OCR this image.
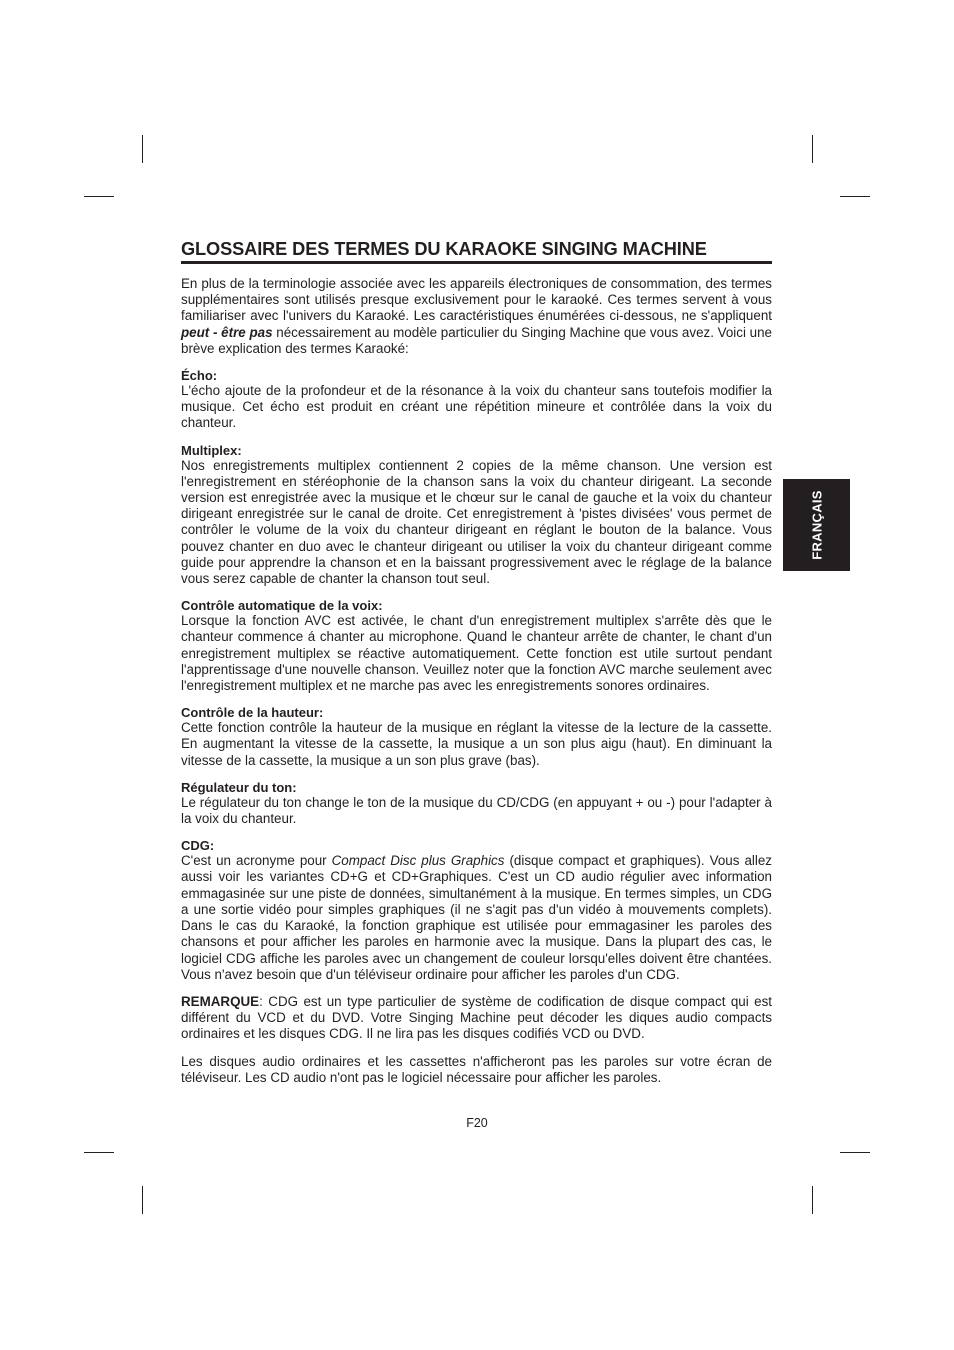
GLOSSAIRE DES TERMES DU KARAOKE SINGING MACHINE

En plus de la terminologie associée avec les appareils électroniques de consommation, des termes supplémentaires sont utilisés presque exclusivement pour le karaoké. Ces termes servent à vous familiariser avec l'univers du Karaoké. Les caractéristiques énumérées ci-dessous, ne s'appliquent peut - être pas nécessairement au modèle particulier du Singing Machine que vous avez. Voici une brève explication des termes Karaoké:

Écho:

L'écho ajoute de la profondeur et de la résonance à la voix du chanteur sans toutefois modifier la musique. Cet écho est produit en créant une répétition mineure et contrôlée dans la voix du chanteur.

Multiplex:

Nos enregistrements multiplex contiennent 2 copies de la même chanson. Une version est l'enregistrement en stéréophonie de la chanson sans la voix du chanteur dirigeant. La seconde version est enregistrée avec la musique et le chœur sur le canal de gauche et la voix du chanteur dirigeant enregistrée sur le canal de droite. Cet enregistrement à 'pistes divisées' vous permet de contrôler le volume de la voix du chanteur dirigeant en réglant le bouton de la balance. Vous pouvez chanter en duo avec le chanteur dirigeant ou utiliser la voix du chanteur dirigeant comme guide pour apprendre la chanson et en la baissant progressivement avec le réglage de la balance vous serez capable de chanter la chanson tout seul.

Contrôle automatique de la voix:

Lorsque la fonction AVC est activée, le chant d'un enregistrement multiplex s'arrête dès que le chanteur commence á chanter au microphone. Quand le chanteur arrête de chanter, le chant d'un enregistrement multiplex se réactive automatiquement. Cette fonction est utile surtout pendant l'apprentissage d'une nouvelle chanson. Veuillez noter que la fonction AVC marche seulement avec l'enregistrement multiplex et ne marche pas avec les enregistrements sonores ordinaires.

Contrôle de la hauteur:

Cette fonction contrôle la hauteur de la musique en réglant la vitesse de la lecture de la cassette. En augmentant la vitesse de la cassette, la musique a un son plus aigu (haut). En diminuant la vitesse de la cassette, la musique a un son plus grave (bas).

Régulateur du ton:

Le régulateur du ton change le ton de la musique du CD/CDG (en appuyant + ou -) pour l'adapter à la voix du chanteur.

CDG:

C'est un acronyme pour Compact Disc plus Graphics (disque compact et graphiques). Vous allez aussi voir les variantes CD+G et CD+Graphiques. C'est un CD audio régulier avec information emmagasinée sur une piste de données, simultanément à la musique. En termes simples, un CDG a une sortie vidéo pour simples graphiques (il ne s'agit pas d'un vidéo à mouvements complets). Dans le cas du Karaoké, la fonction graphique est utilisée pour emmagasiner les paroles des chansons et pour afficher les paroles en harmonie avec la musique. Dans la plupart des cas, le logiciel CDG affiche les paroles avec un changement de couleur lorsqu'elles doivent être chantées. Vous n'avez besoin que d'un téléviseur ordinaire pour afficher les paroles d'un CDG.

REMARQUE: CDG est un type particulier de système de codification de disque compact qui est différent du VCD et du DVD. Votre Singing Machine peut décoder les diques audio compacts ordinaires et les disques CDG. Il ne lira pas les disques codifiés VCD ou DVD.

Les disques audio ordinaires et les cassettes n'afficheront pas les paroles sur votre écran de téléviseur. Les CD audio n'ont pas le logiciel nécessaire pour afficher les paroles.

FRANÇAIS
F20
